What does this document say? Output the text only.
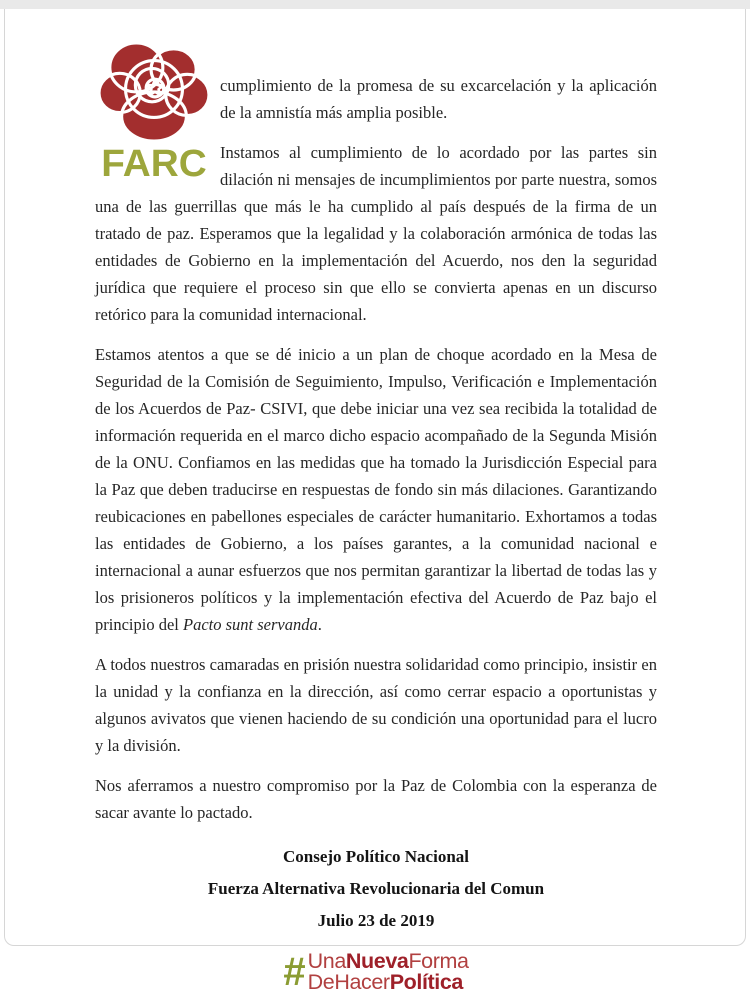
FARC

cumplimiento de la promesa de su excarcelación y la aplicación de la amnistía más amplia posible.

Instamos al cumplimiento de lo acordado por las partes sin dilación ni mensajes de incumplimientos por parte nuestra, somos una de las guerrillas que más le ha cumplido al país después de la firma de un tratado de paz. Esperamos que la legalidad y la colaboración armónica de todas las entidades de Gobierno en la implementación del Acuerdo, nos den la seguridad jurídica que requiere el proceso sin que ello se convierta apenas en un discurso retórico para la comunidad internacional.

Estamos atentos a que se dé inicio a un plan de choque acordado en la Mesa de Seguridad de la Comisión de Seguimiento, Impulso, Verificación e Implementación de los Acuerdos de Paz- CSIVI, que debe iniciar una vez sea recibida la totalidad de información requerida en el marco dicho espacio acompañado de la Segunda Misión de la ONU. Confiamos en las medidas que ha tomado la Jurisdicción Especial para la Paz que deben traducirse en respuestas de fondo sin más dilaciones. Garantizando reubicaciones en pabellones especiales de carácter humanitario. Exhortamos a todas las entidades de Gobierno, a los países garantes, a la comunidad nacional e internacional a aunar esfuerzos que nos permitan garantizar la libertad de todas las y los prisioneros políticos y la implementación efectiva del Acuerdo de Paz bajo el principio del Pacto sunt servanda.

A todos nuestros camaradas en prisión nuestra solidaridad como principio, insistir en la unidad y la confianza en la dirección, así como cerrar espacio a oportunistas y algunos avivatos que vienen haciendo de su condición una oportunidad para el lucro y la división.

Nos aferramos a nuestro compromiso por la Paz de Colombia con la esperanza de sacar avante lo pactado.

Consejo Político Nacional

Fuerza Alternativa Revolucionaria del Comun

Julio 23 de 2019

# UnaNuevaForma
DeHacerPolítica
